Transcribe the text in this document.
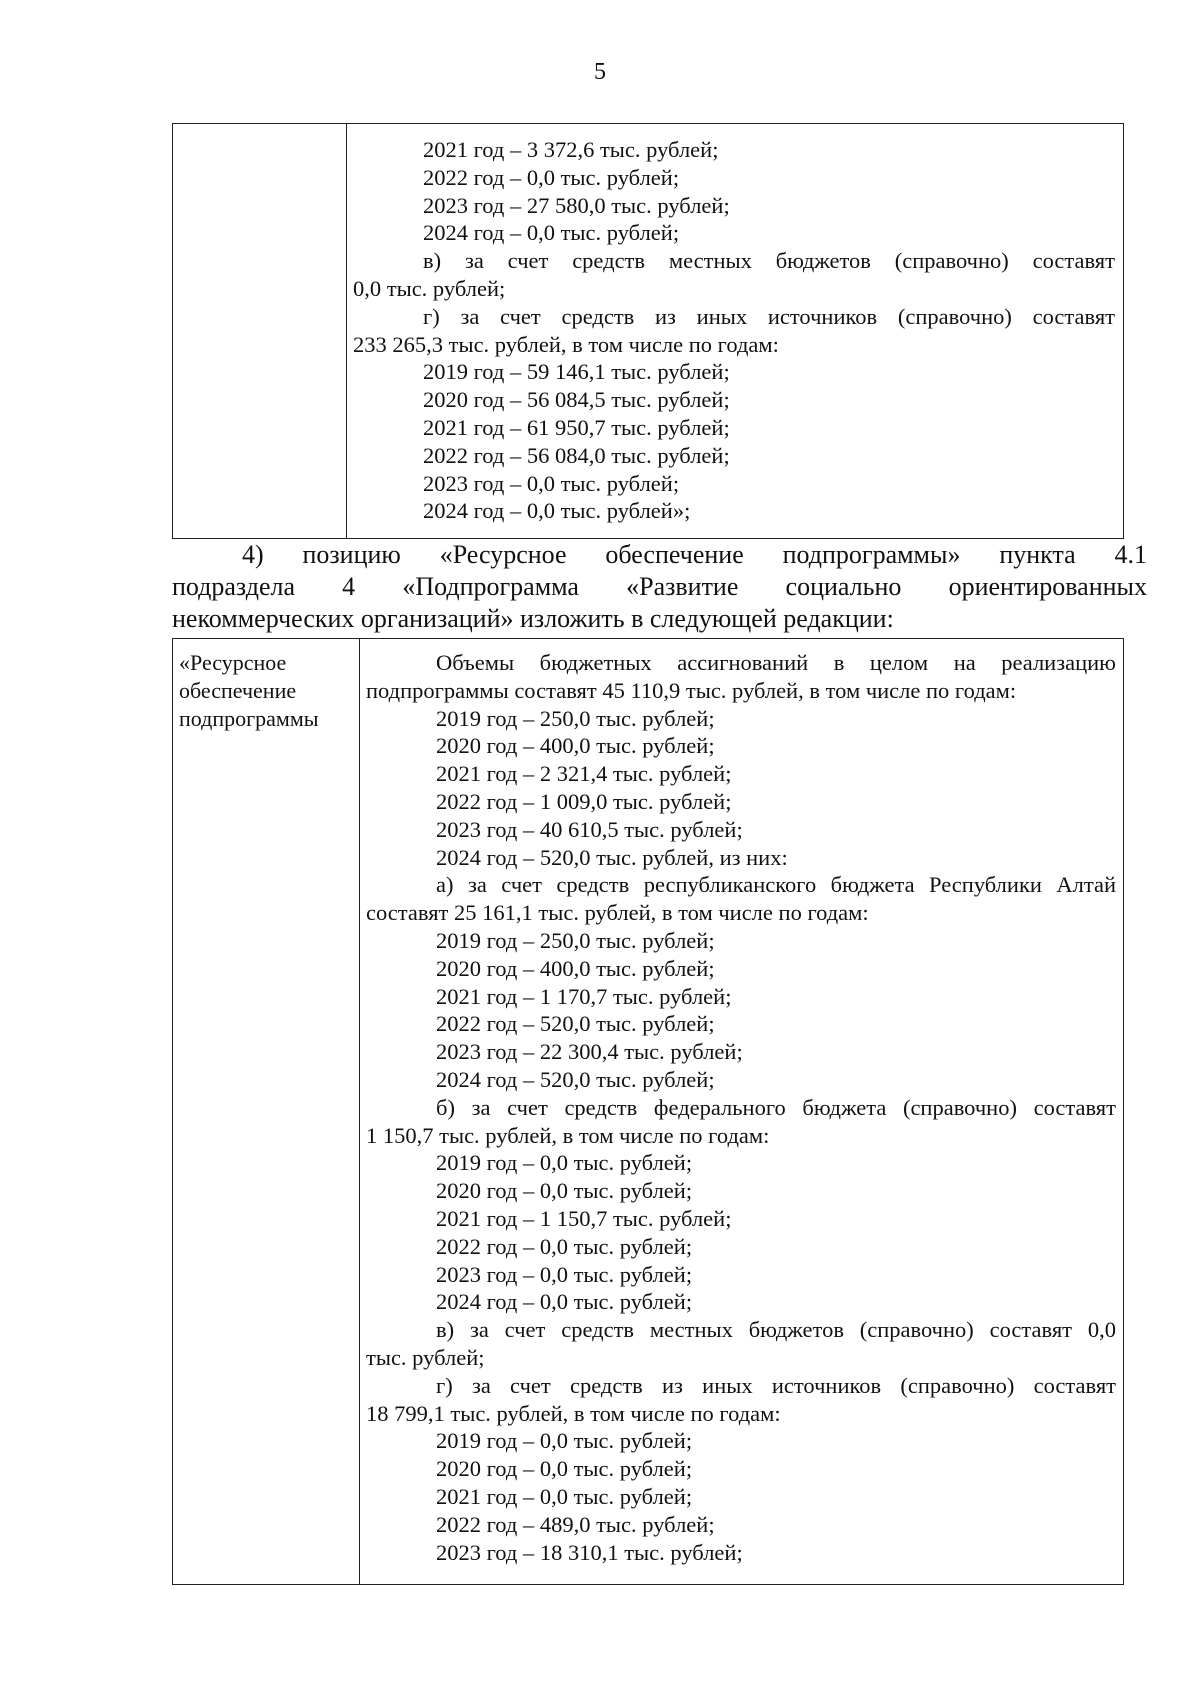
5
2021 год – 3 372,6 тыс. рублей;
2022 год – 0,0 тыс. рублей;
2023 год – 27 580,0 тыс. рублей;
2024 год – 0,0 тыс. рублей;
в) за счет средств местных бюджетов (справочно) составят
0,0 тыс. рублей;
г) за счет средств из иных источников (справочно) составят
233 265,3 тыс. рублей, в том числе по годам:
2019 год – 59 146,1 тыс. рублей;
2020 год – 56 084,5 тыс. рублей;
2021 год – 61 950,7 тыс. рублей;
2022 год – 56 084,0 тыс. рублей;
2023 год – 0,0 тыс. рублей;
2024 год – 0,0 тыс. рублей»;
4) позицию «Ресурсное обеспечение подпрограммы» пункта 4.1
подраздела 4 «Подпрограмма «Развитие социально ориентированных
некоммерческих организаций» изложить в следующей редакции:
«Ресурсное
обеспечение
подпрограммы
Объемы бюджетных ассигнований в целом на реализацию
подпрограммы составят 45 110,9 тыс. рублей, в том числе по годам:
2019 год – 250,0 тыс. рублей;
2020 год – 400,0 тыс. рублей;
2021 год – 2 321,4 тыс. рублей;
2022 год – 1 009,0 тыс. рублей;
2023 год – 40 610,5 тыс. рублей;
2024 год – 520,0 тыс. рублей, из них:
а) за счет средств республиканского бюджета Республики Алтай
составят 25 161,1 тыс. рублей, в том числе по годам:
2019 год – 250,0 тыс. рублей;
2020 год – 400,0 тыс. рублей;
2021 год – 1 170,7 тыс. рублей;
2022 год – 520,0 тыс. рублей;
2023 год – 22 300,4 тыс. рублей;
2024 год – 520,0 тыс. рублей;
б) за счет средств федерального бюджета (справочно) составят
1 150,7 тыс. рублей, в том числе по годам:
2019 год – 0,0 тыс. рублей;
2020 год – 0,0 тыс. рублей;
2021 год – 1 150,7 тыс. рублей;
2022 год – 0,0 тыс. рублей;
2023 год – 0,0 тыс. рублей;
2024 год – 0,0 тыс. рублей;
в) за счет средств местных бюджетов (справочно) составят 0,0
тыс. рублей;
г) за счет средств из иных источников (справочно) составят
18 799,1 тыс. рублей, в том числе по годам:
2019 год – 0,0 тыс. рублей;
2020 год – 0,0 тыс. рублей;
2021 год – 0,0 тыс. рублей;
2022 год – 489,0 тыс. рублей;
2023 год – 18 310,1 тыс. рублей;
